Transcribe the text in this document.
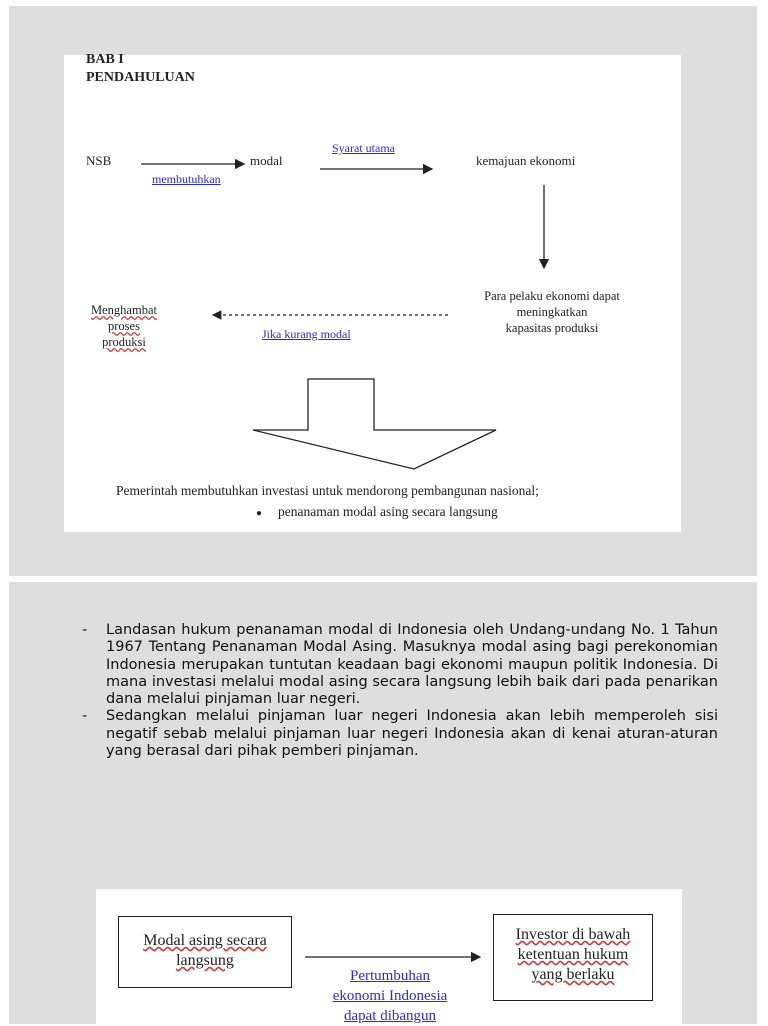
BAB I
PENDAHULUAN
NSB	modal
membutuhkan
Syarat utama
kemajuan ekonomi
Para pelaku ekonomi dapat
meningkatkan
kapasitas produksi
Jika kurang modal
Menghambat
proses
produksi
Pemerintah membutuhkan investasi untuk mendorong pembangunan nasional;
● penanaman modal asing secara langsung
- Landasan hukum penanaman modal di Indonesia oleh Undang-undang No. 1 Tahun 1967 Tentang Penanaman Modal Asing. Masuknya modal asing bagi perekonomian Indonesia merupakan tuntutan keadaan bagi ekonomi maupun politik Indonesia. Di mana investasi melalui modal asing secara langsung lebih baik dari pada penarikan dana melalui pinjaman luar negeri.
- Sedangkan melalui pinjaman luar negeri Indonesia akan lebih memperoleh sisi negatif sebab melalui pinjaman luar negeri Indonesia akan di kenai aturan-aturan yang berasal dari pihak pemberi pinjaman.
Modal asing secara
langsung
Investor di bawah
ketentuan hukum
yang berlaku
Pertumbuhan
ekonomi Indonesia
dapat dibangun
